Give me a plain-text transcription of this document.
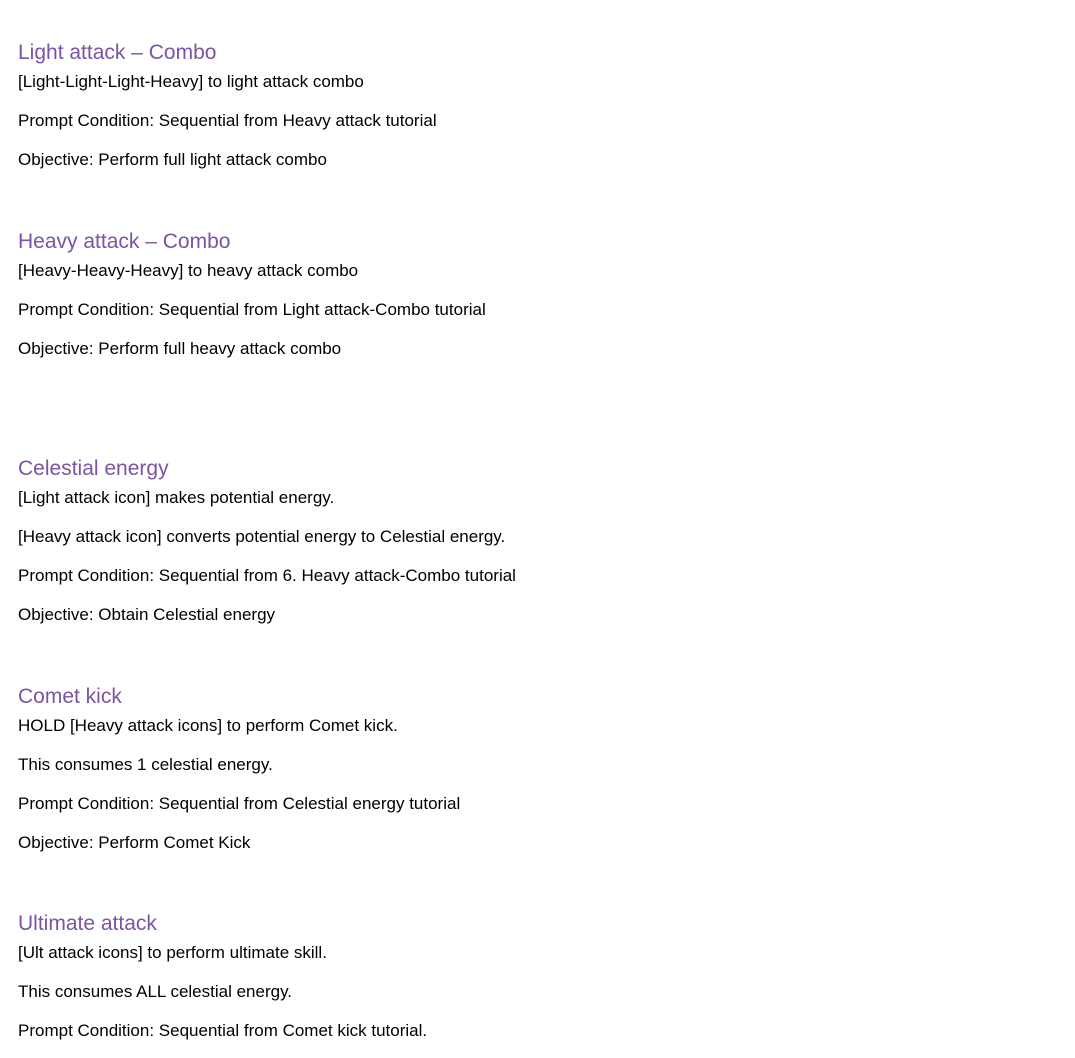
Light attack – Combo

[Light-Light-Light-Heavy] to light attack combo

Prompt Condition: Sequential from Heavy attack tutorial

Objective: Perform full light attack combo

Heavy attack – Combo

[Heavy-Heavy-Heavy] to heavy attack combo

Prompt Condition: Sequential from Light attack-Combo tutorial

Objective: Perform full heavy attack combo

Celestial energy

[Light attack icon] makes potential energy.

[Heavy attack icon] converts potential energy to Celestial energy.

Prompt Condition: Sequential from 6. Heavy attack-Combo tutorial

Objective: Obtain Celestial energy

Comet kick

HOLD [Heavy attack icons] to perform Comet kick.

This consumes 1 celestial energy.

Prompt Condition: Sequential from Celestial energy tutorial

Objective: Perform Comet Kick

Ultimate attack

[Ult attack icons] to perform ultimate skill.

This consumes ALL celestial energy.

Prompt Condition: Sequential from Comet kick tutorial.
